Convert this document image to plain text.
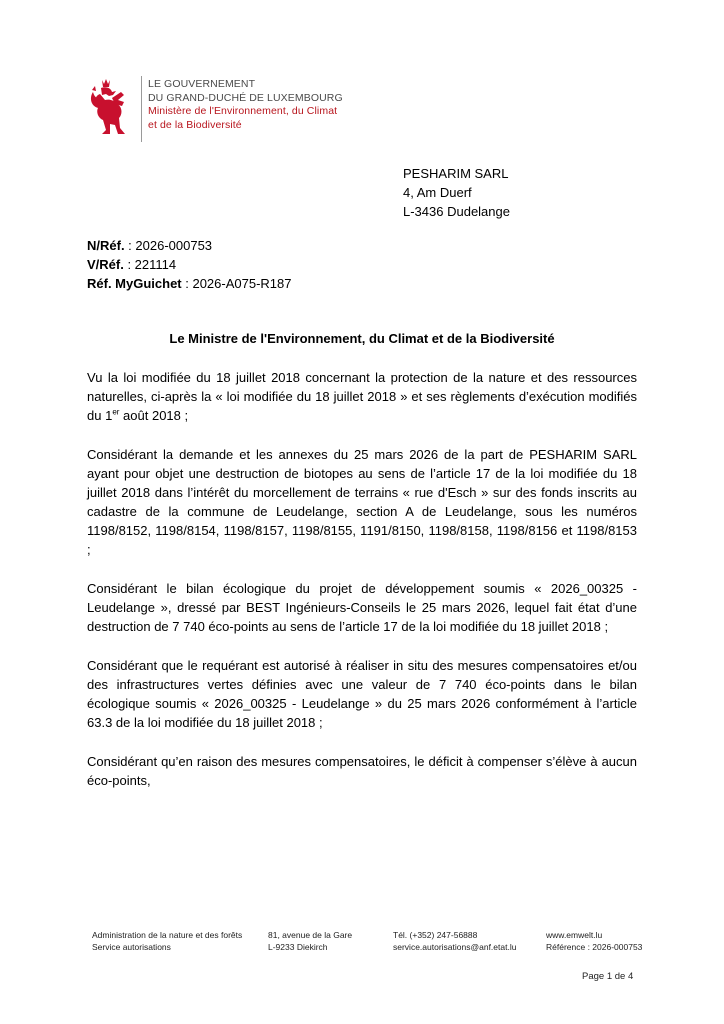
LE GOUVERNEMENT
DU GRAND-DUCHÉ DE LUXEMBOURG
Ministère de l'Environnement, du Climat
et de la Biodiversité
PESHARIM SARL
4, Am Duerf
L-3436 Dudelange
N/Réf. : 2026-000753
V/Réf. : 221114
Réf. MyGuichet : 2026-A075-R187
Le Ministre de l'Environnement, du Climat et de la Biodiversité

Vu la loi modifiée du 18 juillet 2018 concernant la protection de la nature et des ressources naturelles, ci-après la « loi modifiée du 18 juillet 2018 » et ses règlements d’exécution modifiés du 1er août 2018 ;

Considérant la demande et les annexes du 25 mars 2026 de la part de PESHARIM SARL ayant pour objet une destruction de biotopes au sens de l’article 17 de la loi modifiée du 18 juillet 2018 dans l’intérêt du morcellement de terrains « rue d'Esch » sur des fonds inscrits au cadastre de la commune de Leudelange, section A de Leudelange, sous les numéros 1198/8152, 1198/8154, 1198/8157, 1198/8155, 1191/8150, 1198/8158, 1198/8156 et 1198/8153 ;

Considérant le bilan écologique du projet de développement soumis « 2026_00325 - Leudelange », dressé par BEST Ingénieurs-Conseils le 25 mars 2026, lequel fait état d’une destruction de 7 740 éco-points au sens de l’article 17 de la loi modifiée du 18 juillet 2018 ;

Considérant que le requérant est autorisé à réaliser in situ des mesures compensatoires et/ou des infrastructures vertes définies avec une valeur de 7 740 éco-points dans le bilan écologique soumis « 2026_00325 - Leudelange » du 25 mars 2026 conformément à l’article 63.3 de la loi modifiée du 18 juillet 2018 ;

Considérant qu’en raison des mesures compensatoires, le déficit à compenser s’élève à aucun éco-points,

Administration de la nature et des forêts
Service autorisations
81, avenue de la Gare
L-9233 Diekirch
Tél. (+352) 247-56888
service.autorisations@anf.etat.lu
www.emwelt.lu
Référence : 2026-000753
Page 1 de 4
